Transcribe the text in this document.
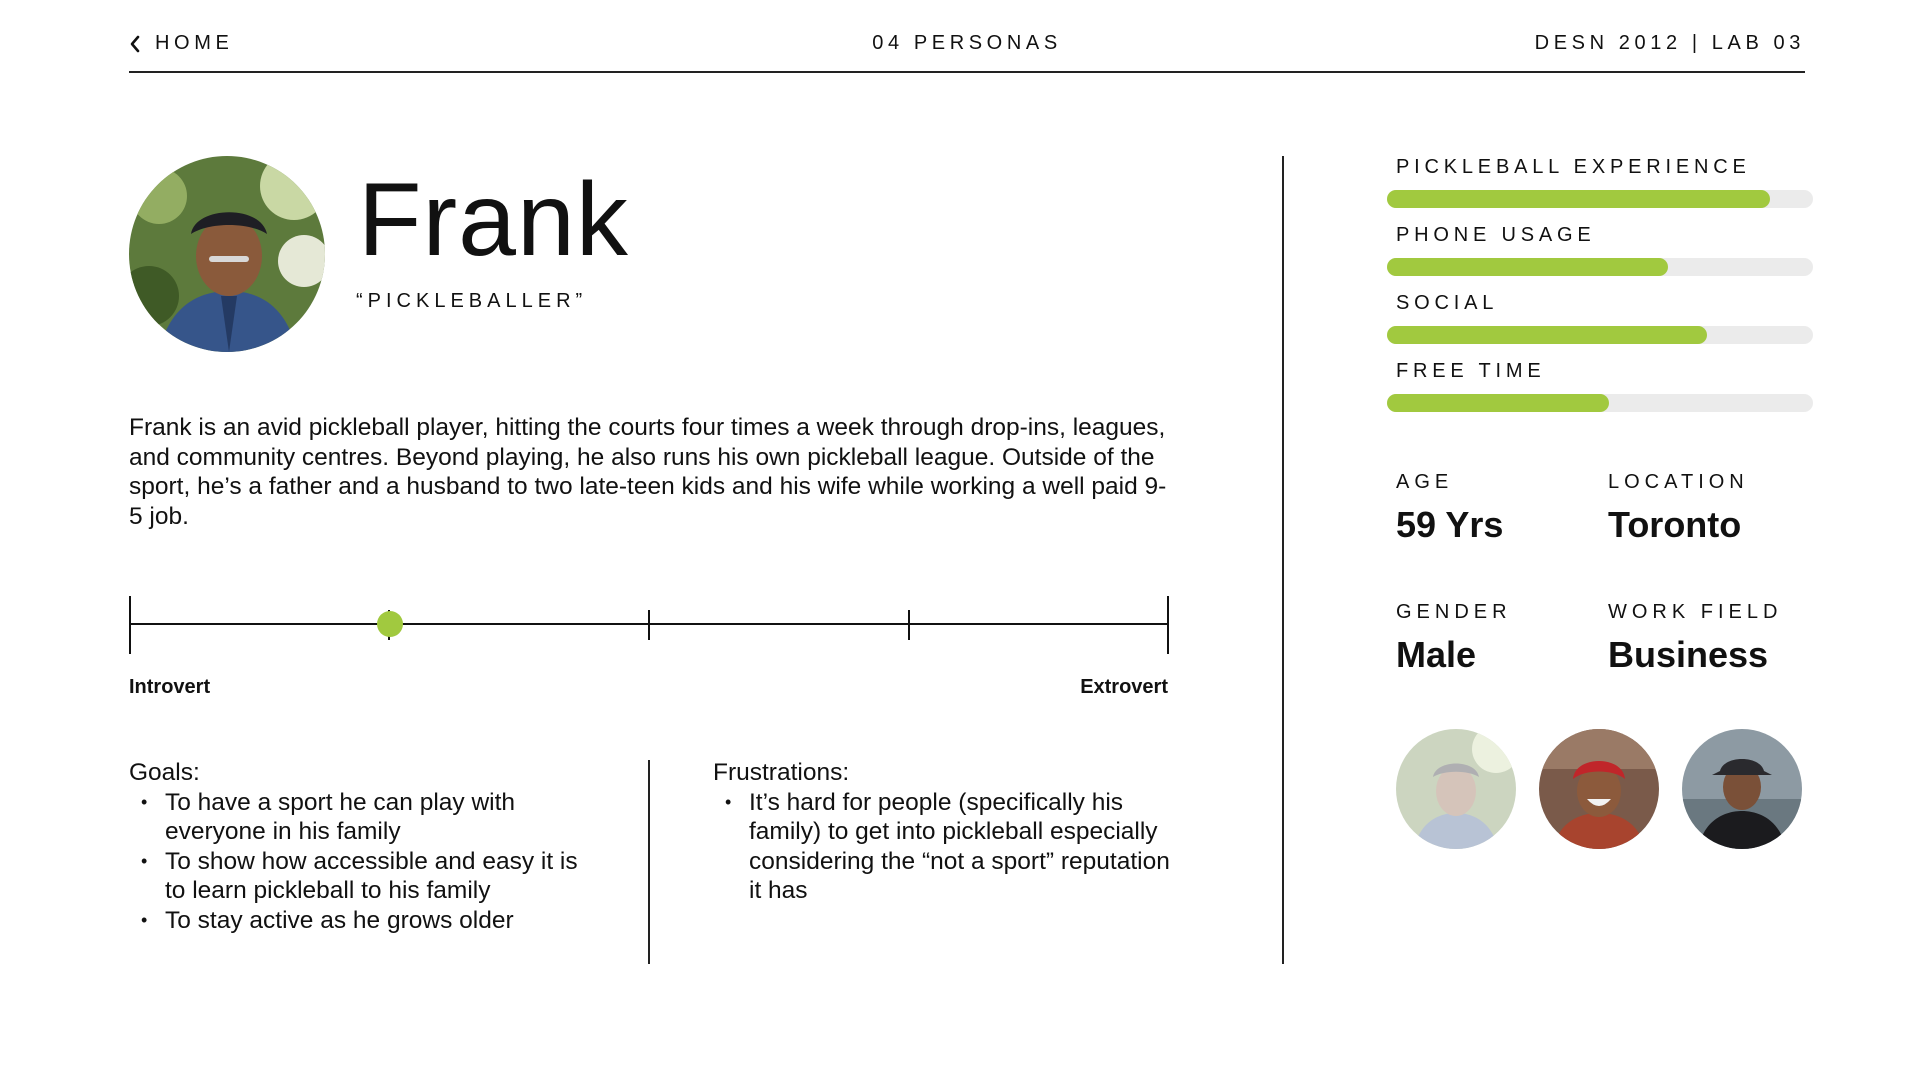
HOME	04 PERSONAS	DESN 2012 | LAB 03
Frank
“PICKLEBALLER”

Frank is an avid pickleball player, hitting the courts four times a week through drop-ins, leagues, and community centres. Beyond playing, he also runs his own pickleball league. Outside of the sport, he’s a father and a husband to two late-teen kids and his wife while working a well paid 9-5 job.

Introvert	Extrovert

Goals:

• To have a sport he can play with everyone in his family
• To show how accessible and easy it is to learn pickleball to his family
• To stay active as he grows older

Frustrations:

• It’s hard for people (specifically his family) to get into pickleball especially considering the “not a sport” reputation it has
PICKLEBALL EXPERIENCE
PHONE USAGE
SOCIAL
FREE TIME
AGE
59 Yrs
LOCATION
Toronto
GENDER
Male
WORK FIELD
Business
